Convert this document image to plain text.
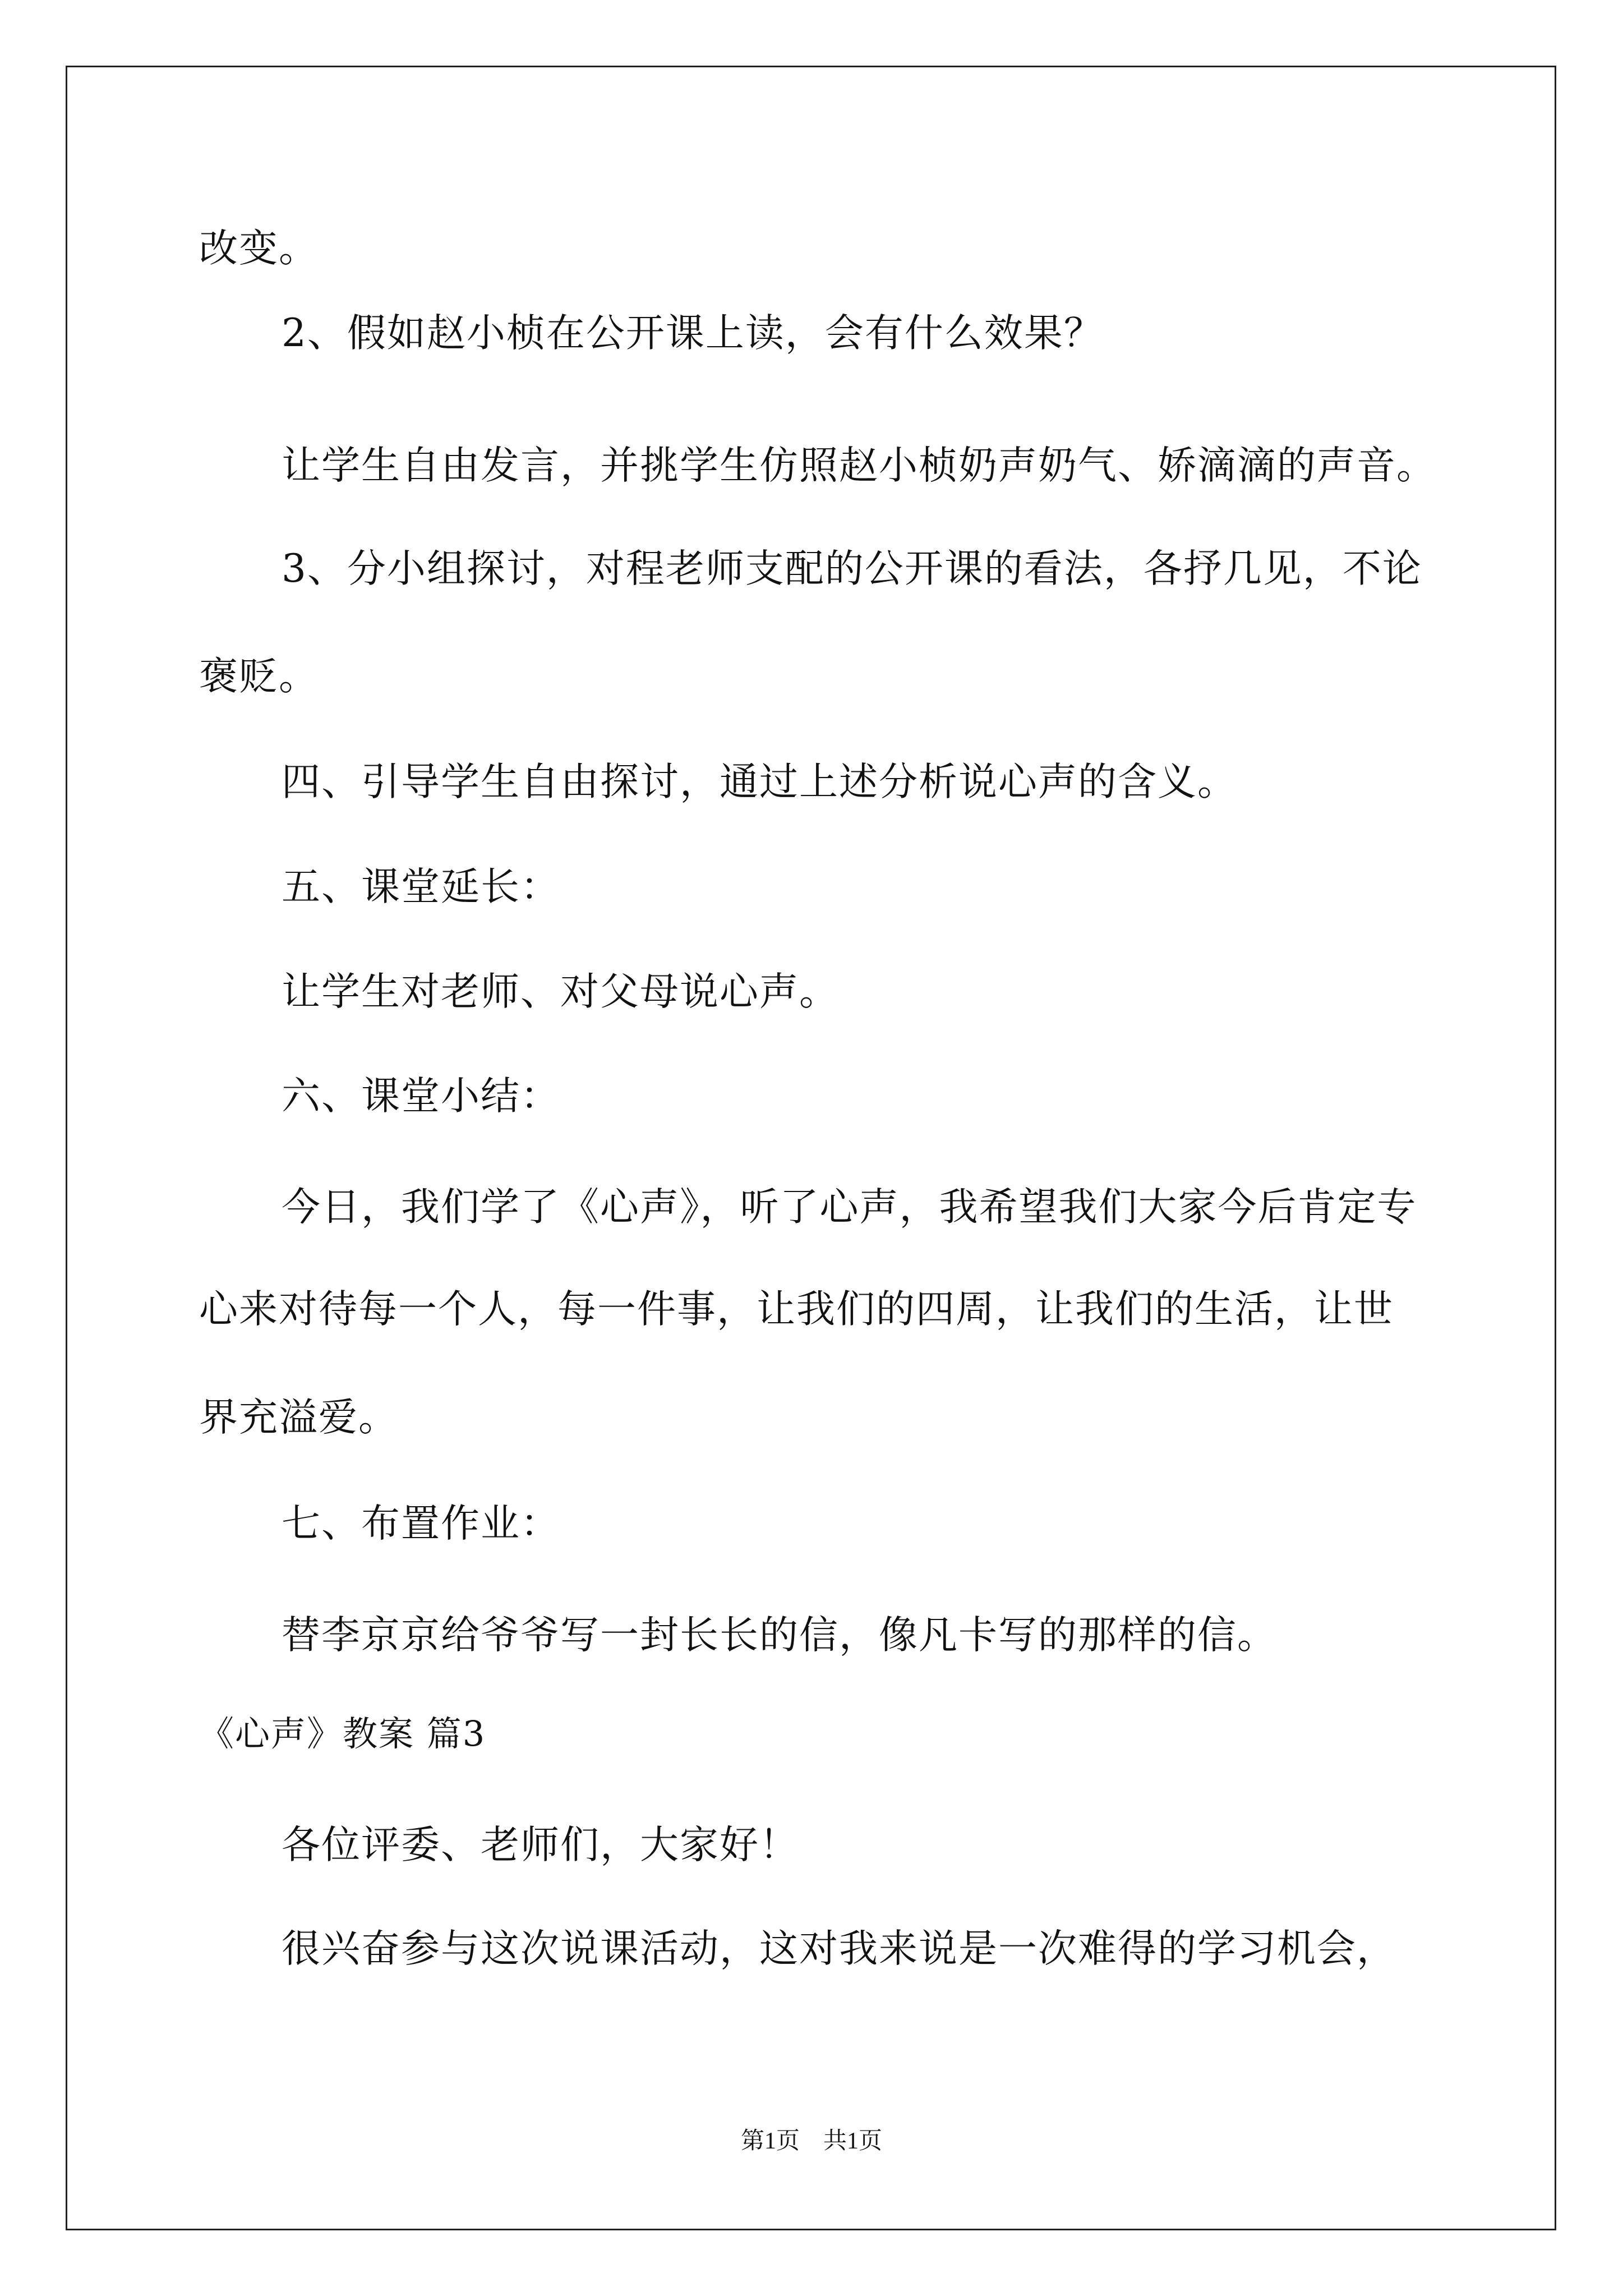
改变。
2、假如赵小桢在公开课上读，会有什么效果？
让学生自由发言，并挑学生仿照赵小桢奶声奶气、娇滴滴的声音。
3、分小组探讨，对程老师支配的公开课的看法，各抒几见，不论
褒贬。
四、引导学生自由探讨，通过上述分析说心声的含义。
五、课堂延长：
让学生对老师、对父母说心声。
六、课堂小结：
今日，我们学了《心声》，听了心声，我希望我们大家今后肯定专
心来对待每一个人，每一件事，让我们的四周，让我们的生活，让世
界充溢爱。
七、布置作业：
替李京京给爷爷写一封长长的信，像凡卡写的那样的信。
《心声》教案 篇3
各位评委、老师们，大家好！
很兴奋参与这次说课活动，这对我来说是一次难得的学习机会，
第1页　共1页
